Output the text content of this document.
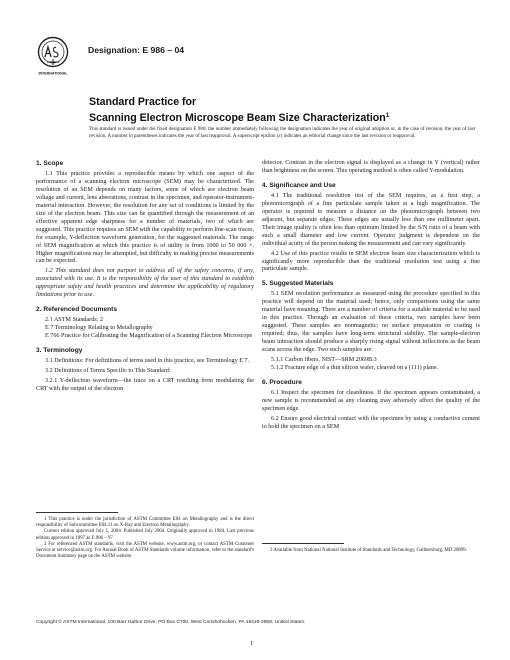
INTERNATIONAL
Designation: E 986 – 04
Standard Practice for
Scanning Electron Microscope Beam Size Characterization$^1$
This standard is issued under the fixed designation E 986; the number immediately following the designation indicates the year of original adoption or, in the case of revision, the year of last revision. A number in parentheses indicates the year of last reapproval. A superscript epsilon (ε) indicates an editorial change since the last revision or reapproval.
1. Scope
1.1 This practice provides a reproducible means by which one aspect of the performance of a scanning electron microscope (SEM) may be characterized. The resolution of an SEM depends on many factors, some of which are electron beam voltage and current, lens aberrations, contrast in the specimen, and operator-instrument-material interaction. However, the resolution for any set of conditions is limited by the size of the electron beam. This size can be quantified through the measurement of an effective apparent edge sharpness for a number of materials, two of which are suggested. This practice requires an SEM with the capability to perform line-scan traces, for example, Y-deflection waveform generation, for the suggested materials. The range of SEM magnification at which this practice is of utility is from 1000 to 50 000 ×. Higher magnifications may be attempted, but difficulty in making precise measurements can be expected.
1.2 This standard does not purport to address all of the safety concerns, if any, associated with its use. It is the responsibility of the user of this standard to establish appropriate safety and health practices and determine the applicability of regulatory limitations prior to use.
2. Referenced Documents
2.1 ASTM Standards: 2
E 7 Terminology Relating to Metallography
E 766 Practice for Calibrating the Magnification of a Scanning Electron Microscope
3. Terminology
3.1 Definitions: For definitions of terms used in this practice, see Terminology E 7.
3.2 Definitions of Terms Specific to This Standard:
3.2.1 Y-deflection waveform—the trace on a CRT resulting from modulating the CRT with the output of the electron
detector. Contrast in the electron signal is displayed as a change in Y (vertical) rather than brightness on the screen. This operating method is often called Y-modulation.
4. Significance and Use
4.1 The traditional resolution test of the SEM requires, as a first step, a photomicrograph of a fine particulate sample taken at a high magnification. The operator is required to measure a distance on the photomicrograph between two adjacent, but separate edges. These edges are usually less than one millimeter apart. Their image quality is often less than optimum limited by the S/N ratio of a beam with such a small diameter and low current. Operator judgment is dependent on the individual acuity of the person making the measurement and can vary significantly.
4.2 Use of this practice results in SEM electron beam size characterization which is significantly more reproducible than the traditional resolution test using a fine particulate sample.
5. Suggested Materials
5.1 SEM resolution performance as measured using the procedure specified in this practice will depend on the material used; hence, only comparisons using the same material have meaning. There are a number of criteria for a suitable material to be used in this practice. Through an evaluation of these criteria, two samples have been suggested. These samples are nonmagnetic; no surface preparation or coating is required; thus, the samples have long-term structural stability. The sample-electron beam interaction should produce a sharply rising signal without inflections as the beam scans across the edge. Two such samples are:
5.1.1 Carbon fibers, NIST—SRM 2069B.3
5.1.2 Fracture edge of a thin silicon wafer, cleaved on a (111) plane.
6. Procedure
6.1 Inspect the specimen for cleanliness. If the specimen appears contaminated, a new sample is recommended as any cleaning may adversely affect the quality of the specimen edge.
6.2 Ensure good electrical contact with the specimen by using a conductive cement to hold the specimen on a SEM
1 This practice is under the jurisdiction of ASTM Committee E04 on Metallography and is the direct responsibility of Subcommittee E04.11 on X-Ray and Electron Metallography.
Current edition approved July 1, 2004. Published July 2004. Originally approved in 1984. Last previous edition approved in 1997 as E 986 – 97.
2 For referenced ASTM standards, visit the ASTM website, www.astm.org, or contact ASTM Customer Service at service@astm.org. For Annual Book of ASTM Standards volume information, refer to the standard's Document Summary page on the ASTM website.
3 Available from National National Institute of Standards and Technology, Gaithersburg, MD 20899.
Copyright © ASTM International, 100 Barr Harbor Drive, PO Box C700, West Conshohocken, PA 19428-2959, United States.
1
